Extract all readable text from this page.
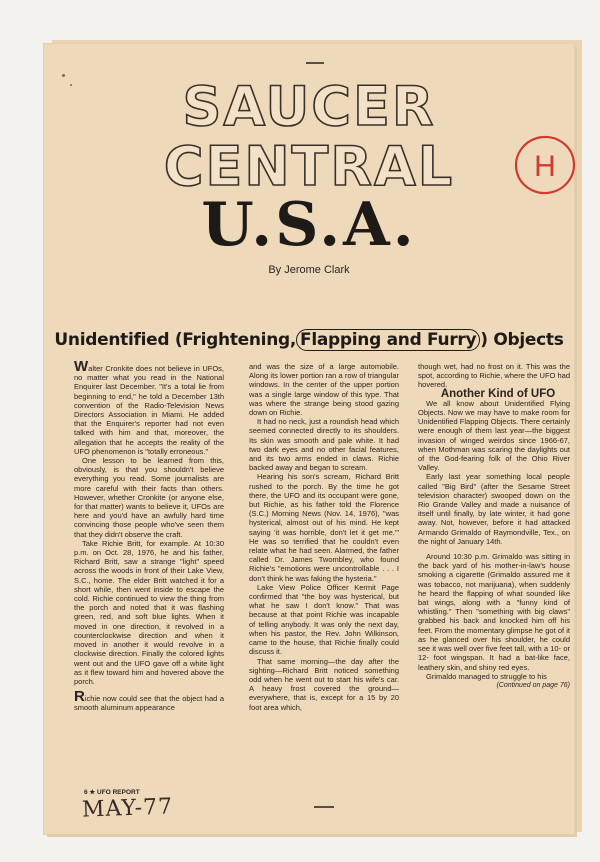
SAUCER
CENTRAL
U.S.A.
H
By Jerome Clark
Unidentified (Frightening, Flapping and Furry ) Objects

Walter Cronkite does not believe in UFOs, no matter what you read in the National Enquirer last December. "It's a total lie from beginning to end," he told a December 13th convention of the Radio-Television News Directors Association in Miami. He added that the Enquirer's reporter had not even talked with him and that, moreover, the allegation that he accepts the reality of the UFO phenomenon is "totally erroneous."

One lesson to be learned from this, obviously, is that you shouldn't believe everything you read. Some journalists are more careful with their facts than others. However, whether Cronkite (or anyone else, for that matter) wants to believe it, UFOs are here and you'd have an awfully hard time convincing those people who've seen them that they didn't observe the craft.

Take Richie Britt, for example. At 10:30 p.m. on Oct. 28, 1976, he and his father, Richard Britt, saw a strange "light" speed across the woods in front of their Lake View, S.C., home. The elder Britt watched it for a short while, then went inside to escape the cold. Richie continued to view the thing from the porch and noted that it was flashing green, red, and soft blue lights. When it moved in one direction, it revolved in a counterclockwise direction and when it moved in another it would revolve in a clockwise direction. Finally the colored lights went out and the UFO gave off a white light as it flew toward him and hovered above the porch.

Richie now could see that the object had a smooth aluminum appearance

and was the size of a large automobile. Along its lower portion ran a row of triangular windows. In the center of the upper portion was a single large window of this type. That was where the strange being stood gazing down on Richie.

It had no neck, just a roundish head which seemed connected directly to its shoulders. Its skin was smooth and pale white. It had two dark eyes and no other facial features, and its two arms ended in claws. Richie backed away and began to scream.

Hearing his son's scream, Richard Britt rushed to the porch. By the time he got there, the UFO and its occupant were gone, but Richie, as his father told the Florence (S.C.) Morning News (Nov. 14, 1976), "was hysterical, almost out of his mind. He kept saying 'it was horrible, don't let it get me.'" He was so terrified that he couldn't even relate what he had seen. Alarmed, the father called Dr. James Twombley, who found Richie's "emotions were uncontrollable . . . I don't think he was faking the hysteria."

Lake View Police Officer Kermit Page confirmed that "the boy was hysterical, but what he saw I don't know." That was because at that point Richie was incapable of telling anybody. It was only the next day, when his pastor, the Rev. John Wilkinson, came to the house, that Richie finally could discuss it.

That same morning—the day after the sighting—Richard Britt noticed something odd when he went out to start his wife's car. A heavy frost covered the ground—everywhere, that is, except for a 15 by 20 foot area which,

though wet, had no frost on it. This was the spot, according to Richie, where the UFO had hovered.

Another Kind of UFO

We all know about Unidentified Flying Objects. Now we may have to make room for Unidentified Flapping Objects. There certainly were enough of them last year—the biggest invasion of winged weirdos since 1966-67, when Mothman was scaring the daylights out of the God-fearing folk of the Ohio River Valley.

Early last year something local people called "Big Bird" (after the Sesame Street television character) swooped down on the Rio Grande Valley and made a nuisance of itself until finally, by late winter, it had gone away. Not, however, before it had attacked Armando Grimaldo of Raymondville, Tex., on the night of January 14th.

Around 10:30 p.m. Grimaldo was sitting in the back yard of his mother-in-law's house smoking a cigarette (Grimaldo assured me it was tobacco, not marijuana), when suddenly he heard the flapping of what sounded like bat wings, along with a "funny kind of whistling." Then "something with big claws" grabbed his back and knocked him off his feet. From the momentary glimpse he got of it as he glanced over his shoulder, he could see it was well over five feet tall, with a 10- or 12- foot wingspan. It had a bat-like face, leathery skin, and shiny red eyes.

Grimaldo managed to struggle to his

(Continued on page 76)

6 ★ UFO REPORT
MAY-77
